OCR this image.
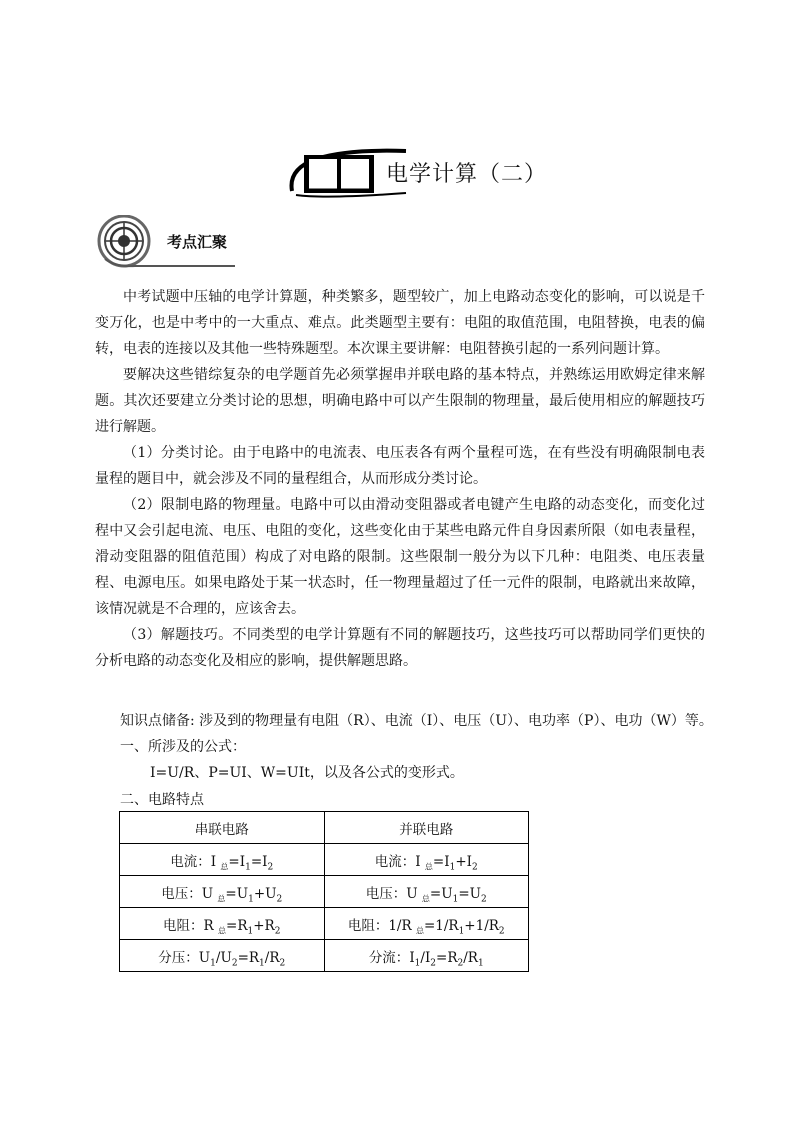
电学计算（二）
考点汇聚

中考试题中压轴的电学计算题，种类繁多，题型较广，加上电路动态变化的影响，可以说是千变万化，也是中考中的一大重点、难点。此类题型主要有：电阻的取值范围，电阻替换，电表的偏转，电表的连接以及其他一些特殊题型。本次课主要讲解：电阻替换引起的一系列问题计算。

要解决这些错综复杂的电学题首先必须掌握串并联电路的基本特点，并熟练运用欧姆定律来解题。其次还要建立分类讨论的思想，明确电路中可以产生限制的物理量，最后使用相应的解题技巧进行解题。

（1）分类讨论。由于电路中的电流表、电压表各有两个量程可选，在有些没有明确限制电表量程的题目中，就会涉及不同的量程组合，从而形成分类讨论。

（2）限制电路的物理量。电路中可以由滑动变阻器或者电键产生电路的动态变化，而变化过程中又会引起电流、电压、电阻的变化，这些变化由于某些电路元件自身因素所限（如电表量程，滑动变阻器的阻值范围）构成了对电路的限制。这些限制一般分为以下几种：电阻类、电压表量程、电源电压。如果电路处于某一状态时，任一物理量超过了任一元件的限制，电路就出来故障，该情况就是不合理的，应该舍去。

（3）解题技巧。不同类型的电学计算题有不同的解题技巧，这些技巧可以帮助同学们更快的分析电路的动态变化及相应的影响，提供解题思路。

知识点储备: 涉及到的物理量有电阻（R）、电流（I）、电压（U）、电功率（P）、电功（W）等。
一、所涉及的公式：
I=U/R、P=UI、W=UIt，以及各公式的变形式。
二、电路特点
串联电路	并联电路
电流：I $_总=I_1=I_2$	电流：I $_总=I_1+I_2$
电压：U $_总=U_1+U_2$	电压：U $_总=U_1=U_2$
电阻：R $_总=R_1+R_2$	电阻：1/R $_总=1/R_1+1/R_2$
分压：$U_1/U_2=R_1/R_2$	分流：$I_1/I_2=R_2/R_1$
